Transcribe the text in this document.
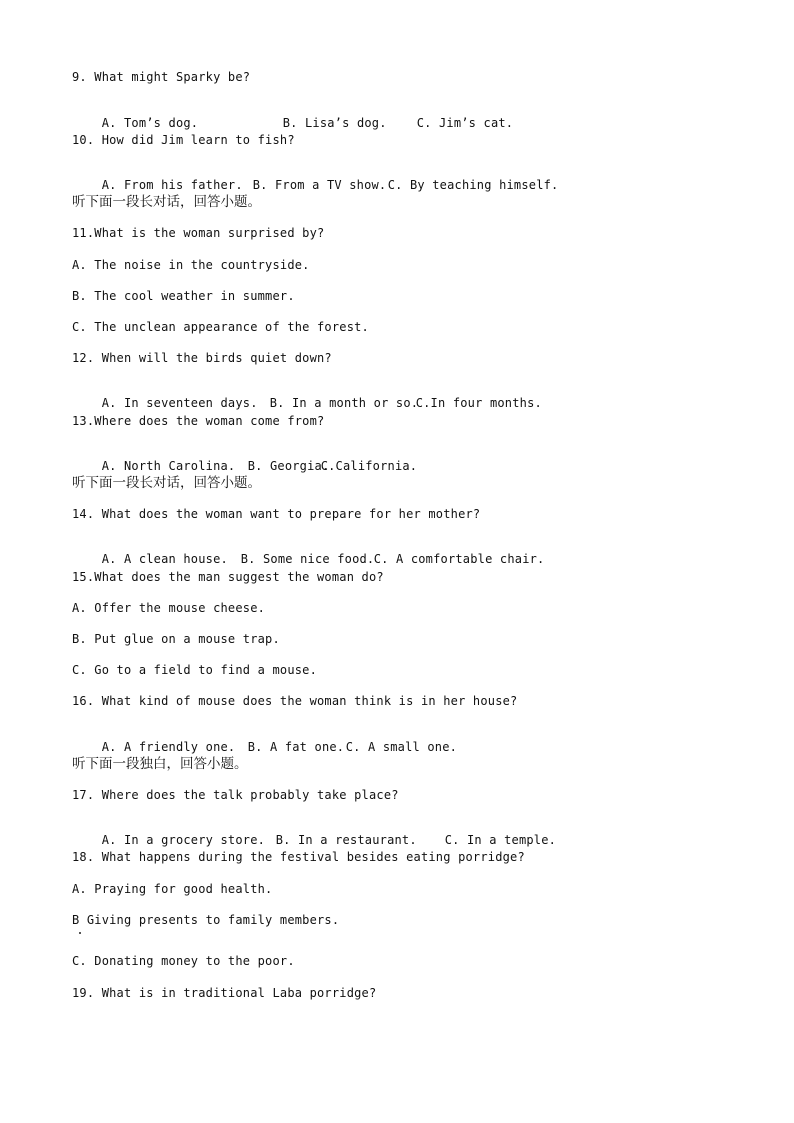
9. What might Sparky be?

A. Tom’s dog.	B. Lisa’s dog.	C. Jim’s cat.

10. How did Jim learn to fish?

A. From his father. B. From a TV show.C. By teaching himself.

听下面一段长对话，回答小题。
11.What is the woman surprised by?
A. The noise in the countryside.
B. The cool weather in summer.
C. The unclean appearance of the forest.
12. When will the birds quiet down?

A. In seventeen days. B. In a month or so.C.In four months.

13.Where does the woman come from?

A. North Carolina. B. Georgia.C.California.

听下面一段长对话，回答小题。
14. What does the woman want to prepare for her mother?

A. A clean house. B. Some nice food.C. A comfortable chair.

15.What does the man suggest the woman do?
A. Offer the mouse cheese.
B. Put glue on a mouse trap.
C. Go to a field to find a mouse.
16. What kind of mouse does the woman think is in her house?

A. A friendly one. B. A fat one.C. A small one.

听下面一段独白，回答小题。
17. Where does the talk probably take place?

A. In a grocery store. B. In a restaurant. C. In a temple.

18. What happens during the festival besides eating porridge?
A. Praying for good health.
B Giving presents to family members.
C. Donating money to the poor.
19. What is in traditional Laba porridge?
